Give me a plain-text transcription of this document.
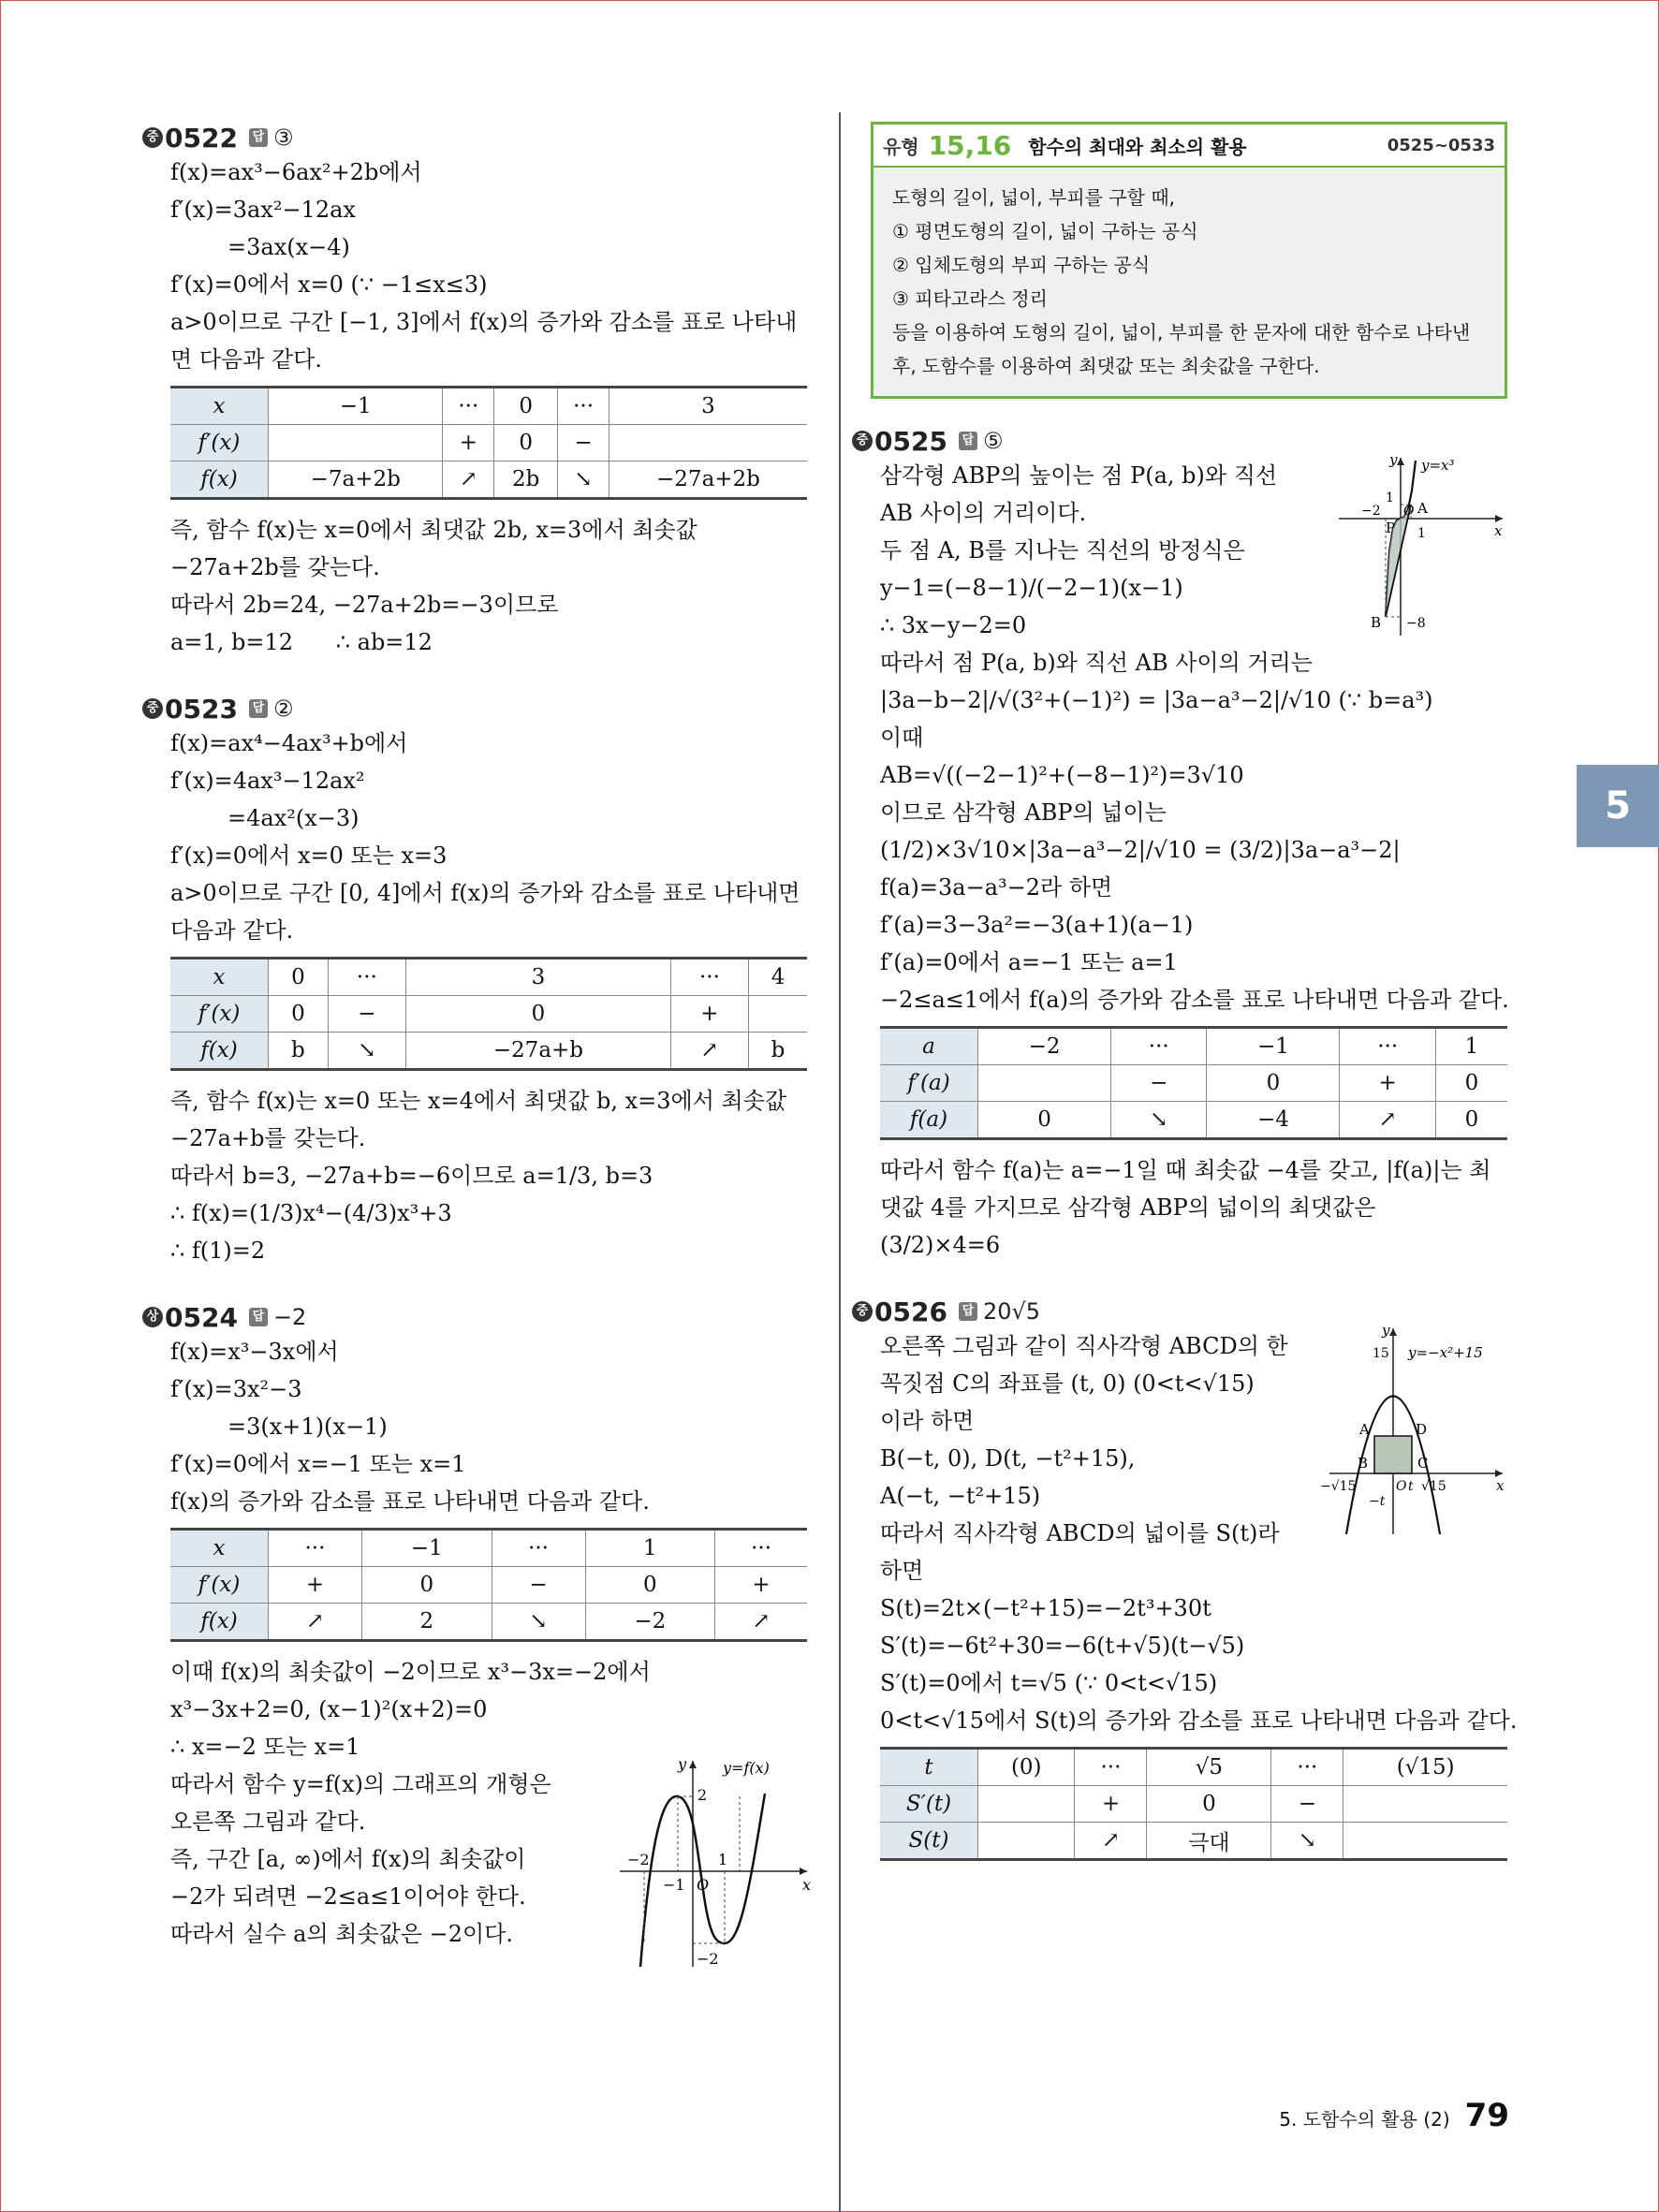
중 0522 답 ③
f(x)=ax³−6ax²+2b에서
f′(x)=3ax²−12ax
=3ax(x−4)
f′(x)=0에서 x=0 (∵ −1≤x≤3)
a>0이므로 구간 [−1, 3]에서 f(x)의 증가와 감소를 표로 나타내
면 다음과 같다.
x	−1	···	0	···	3
f′(x)		+	0	−	
f(x)	−7a+2b	↗	2b	↘	−27a+2b
즉, 함수 f(x)는 x=0에서 최댓값 2b, x=3에서 최솟값
−27a+2b를 갖는다.
따라서 2b=24, −27a+2b=−3이므로
a=1, b=12      ∴ ab=12
중 0523 답 ②
f(x)=ax⁴−4ax³+b에서
f′(x)=4ax³−12ax²
=4ax²(x−3)
f′(x)=0에서 x=0 또는 x=3
a>0이므로 구간 [0, 4]에서 f(x)의 증가와 감소를 표로 나타내면
다음과 같다.
x	0	···	3	···	4
f′(x)	0	−	0	+	
f(x)	b	↘	−27a+b	↗	b
즉, 함수 f(x)는 x=0 또는 x=4에서 최댓값 b, x=3에서 최솟값
−27a+b를 갖는다.
따라서 b=3, −27a+b=−6이므로 a=1/3, b=3
∴ f(x)=(1/3)x⁴−(4/3)x³+3
∴ f(1)=2
상 0524 답 −2
f(x)=x³−3x에서
f′(x)=3x²−3
=3(x+1)(x−1)
f′(x)=0에서 x=−1 또는 x=1
f(x)의 증가와 감소를 표로 나타내면 다음과 같다.
x	···	−1	···	1	···
f′(x)	+	0	−	0	+
f(x)	↗	2	↘	−2	↗
이때 f(x)의 최솟값이 −2이므로 x³−3x=−2에서
x³−3x+2=0, (x−1)²(x+2)=0
∴ x=−2 또는 x=1
따라서 함수 y=f(x)의 그래프의 개형은
오른쪽 그림과 같다.
즉, 구간 [a, ∞)에서 f(x)의 최솟값이
−2가 되려면 −2≤a≤1이어야 한다.
따라서 실수 a의 최솟값은 −2이다.
y
x
y=f(x)
2
O
−1
−2	1
−2
유형 15,16 함수의 최대와 최소의 활용	0525~0533
도형의 길이, 넓이, 부피를 구할 때,
① 평면도형의 길이, 넓이 구하는 공식
② 입체도형의 부피 구하는 공식
③ 피타고라스 정리
등을 이용하여 도형의 길이, 넓이, 부피를 한 문자에 대한 함수로 나타낸
후, 도함수를 이용하여 최댓값 또는 최솟값을 구한다.
중 0525 답 ⑤
삼각형 ABP의 높이는 점 P(a, b)와 직선
AB 사이의 거리이다.
두 점 A, B를 지나는 직선의 방정식은
y−1=(−8−1)/(−2−1)(x−1)
∴ 3x−y−2=0
따라서 점 P(a, b)와 직선 AB 사이의 거리는
|3a−b−2|/√(3²+(−1)²) = |3a−a³−2|/√10 (∵ b=a³)
이때
AB=√((−2−1)²+(−8−1)²)=3√10
이므로 삼각형 ABP의 넓이는
(1/2)×3√10×|3a−a³−2|/√10 = (3/2)|3a−a³−2|
f(a)=3a−a³−2라 하면
f′(a)=3−3a²=−3(a+1)(a−1)
f′(a)=0에서 a=−1 또는 a=1
−2≤a≤1에서 f(a)의 증가와 감소를 표로 나타내면 다음과 같다.
a	−2	···	−1	···	1
f′(a)		−	0	+	0
f(a)	0	↘	−4	↗	0
따라서 함수 f(a)는 a=−1일 때 최솟값 −4를 갖고, |f(a)|는 최
댓값 4를 가지므로 삼각형 ABP의 넓이의 최댓값은
(3/2)×4=6
y
x
y=x³
1
−2 O A
P 1
B −8
중 0526 답 20√5
오른쪽 그림과 같이 직사각형 ABCD의 한
꼭짓점 C의 좌표를 (t, 0) (0<t<√15)
이라 하면
B(−t, 0), D(t, −t²+15),
A(−t, −t²+15)
따라서 직사각형 ABCD의 넓이를 S(t)라
하면
S(t)=2t×(−t²+15)=−2t³+30t
S′(t)=−6t²+30=−6(t+√5)(t−√5)
S′(t)=0에서 t=√5 (∵ 0<t<√15)
0<t<√15에서 S(t)의 증가와 감소를 표로 나타내면 다음과 같다.
t	(0)	···	√5	···	(√15)
S′(t)		+	0	−	
S(t)		↗	극대	↘	
y
x
y=−x²+15
15
A	D
B	C
−√15	O t √15
−t
5
5. 도함수의 활용 (2) 79
